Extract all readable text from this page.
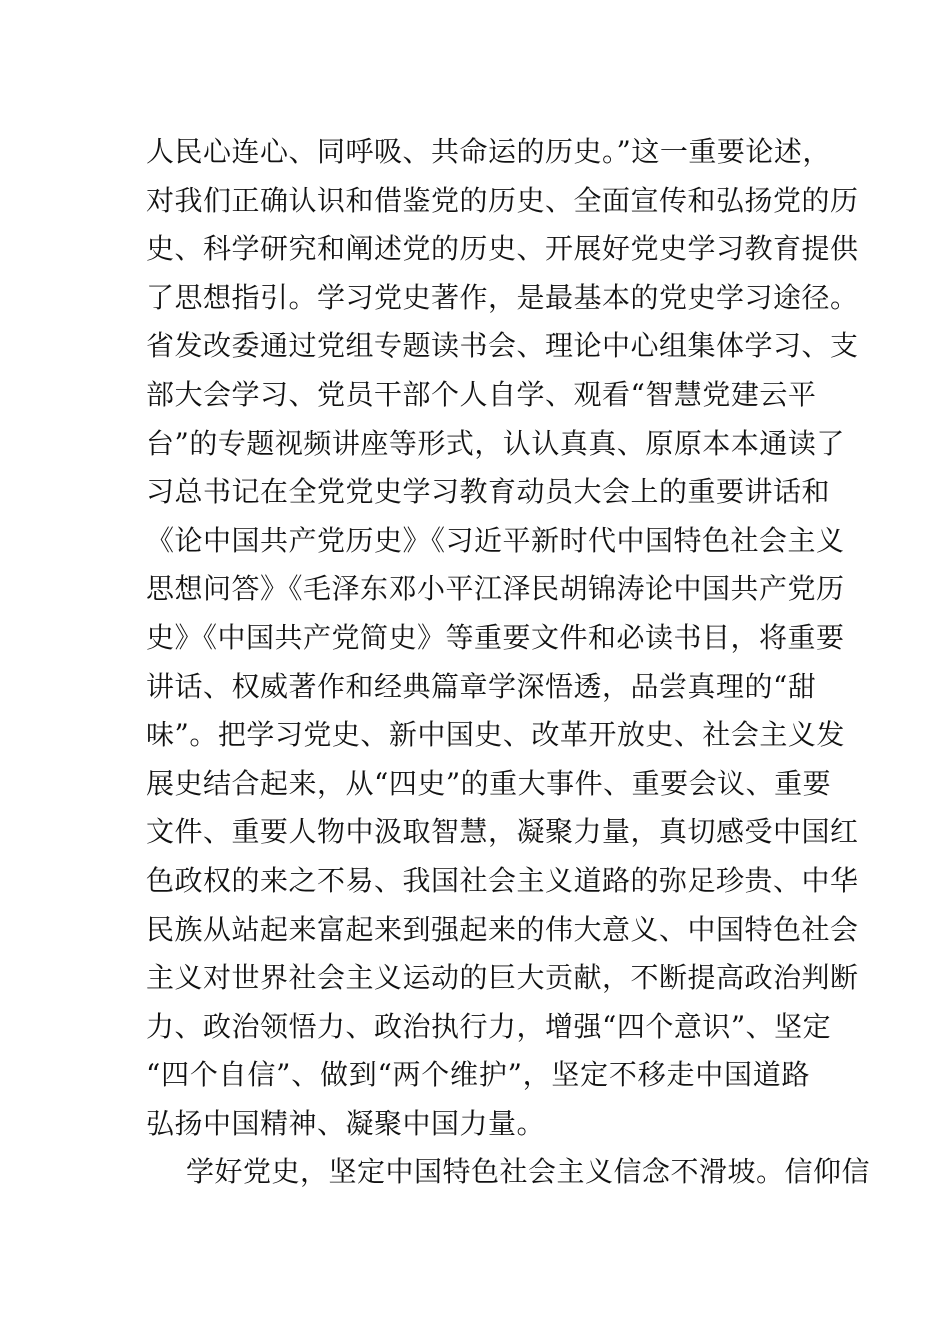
人民心连心、同呼吸、共命运的历史。”这一重要论述，
对我们正确认识和借鉴党的历史、全面宣传和弘扬党的历
史、科学研究和阐述党的历史、开展好党史学习教育提供
了思想指引。学习党史著作，是最基本的党史学习途径。
省发改委通过党组专题读书会、理论中心组集体学习、支
部大会学习、党员干部个人自学、观看“智慧党建云平
台”的专题视频讲座等形式，认认真真、原原本本通读了
习总书记在全党党史学习教育动员大会上的重要讲话和
《论中国共产党历史》《习近平新时代中国特色社会主义
思想问答》《毛泽东邓小平江泽民胡锦涛论中国共产党历
史》《中国共产党简史》等重要文件和必读书目，将重要
讲话、权威著作和经典篇章学深悟透，品尝真理的“甜
味”。把学习党史、新中国史、改革开放史、社会主义发
展史结合起来，从“四史”的重大事件、重要会议、重要
文件、重要人物中汲取智慧，凝聚力量，真切感受中国红
色政权的来之不易、我国社会主义道路的弥足珍贵、中华
民族从站起来富起来到强起来的伟大意义、中国特色社会
主义对世界社会主义运动的巨大贡献，不断提高政治判断
力、政治领悟力、政治执行力，增强“四个意识”、坚定
“四个自信”、做到“两个维护”，坚定不移走中国道路
弘扬中国精神、凝聚中国力量。
学好党史，坚定中国特色社会主义信念不滑坡。信仰信
